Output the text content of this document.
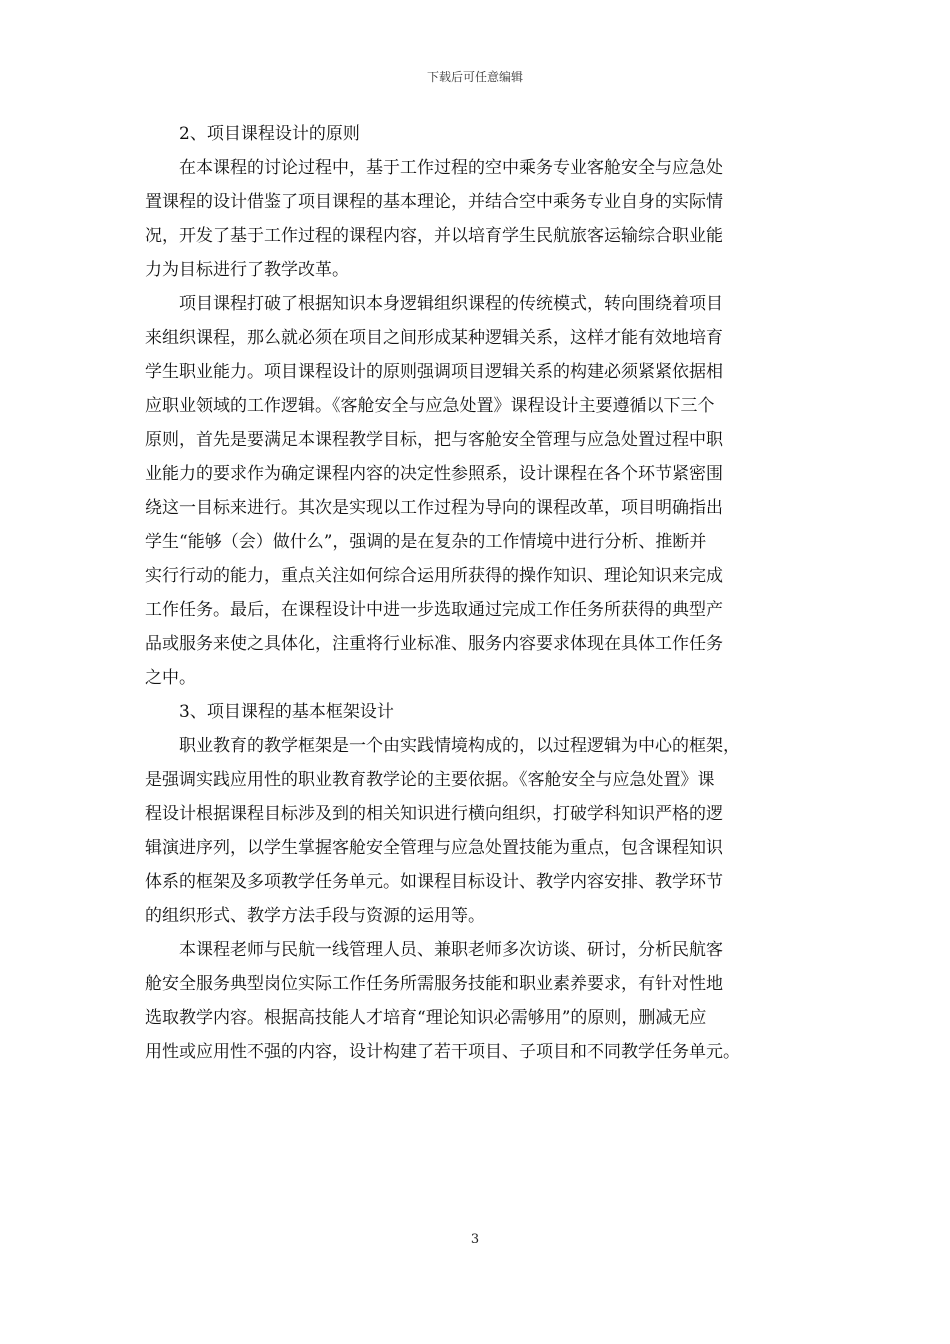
下载后可任意编辑
2、项目课程设计的原则
在本课程的讨论过程中，基于工作过程的空中乘务专业客舱安全与应急处
置课程的设计借鉴了项目课程的基本理论，并结合空中乘务专业自身的实际情
况，开发了基于工作过程的课程内容，并以培育学生民航旅客运输综合职业能
力为目标进行了教学改革。
项目课程打破了根据知识本身逻辑组织课程的传统模式，转向围绕着项目
来组织课程，那么就必须在项目之间形成某种逻辑关系，这样才能有效地培育
学生职业能力。项目课程设计的原则强调项目逻辑关系的构建必须紧紧依据相
应职业领域的工作逻辑。《客舱安全与应急处置》课程设计主要遵循以下三个
原则，首先是要满足本课程教学目标，把与客舱安全管理与应急处置过程中职
业能力的要求作为确定课程内容的决定性参照系，设计课程在各个环节紧密围
绕这一目标来进行。其次是实现以工作过程为导向的课程改革，项目明确指出
学生“能够（会）做什么”，强调的是在复杂的工作情境中进行分析、推断并
实行行动的能力，重点关注如何综合运用所获得的操作知识、理论知识来完成
工作任务。最后，在课程设计中进一步选取通过完成工作任务所获得的典型产
品或服务来使之具体化，注重将行业标准、服务内容要求体现在具体工作任务
之中。
3、项目课程的基本框架设计
职业教育的教学框架是一个由实践情境构成的，以过程逻辑为中心的框架，
是强调实践应用性的职业教育教学论的主要依据。《客舱安全与应急处置》课
程设计根据课程目标涉及到的相关知识进行横向组织，打破学科知识严格的逻
辑演进序列，以学生掌握客舱安全管理与应急处置技能为重点，包含课程知识
体系的框架及多项教学任务单元。如课程目标设计、教学内容安排、教学环节
的组织形式、教学方法手段与资源的运用等。
本课程老师与民航一线管理人员、兼职老师多次访谈、研讨，分析民航客
舱安全服务典型岗位实际工作任务所需服务技能和职业素养要求，有针对性地
选取教学内容。根据高技能人才培育“理论知识必需够用”的原则，删减无应
用性或应用性不强的内容，设计构建了若干项目、子项目和不同教学任务单元。
3
